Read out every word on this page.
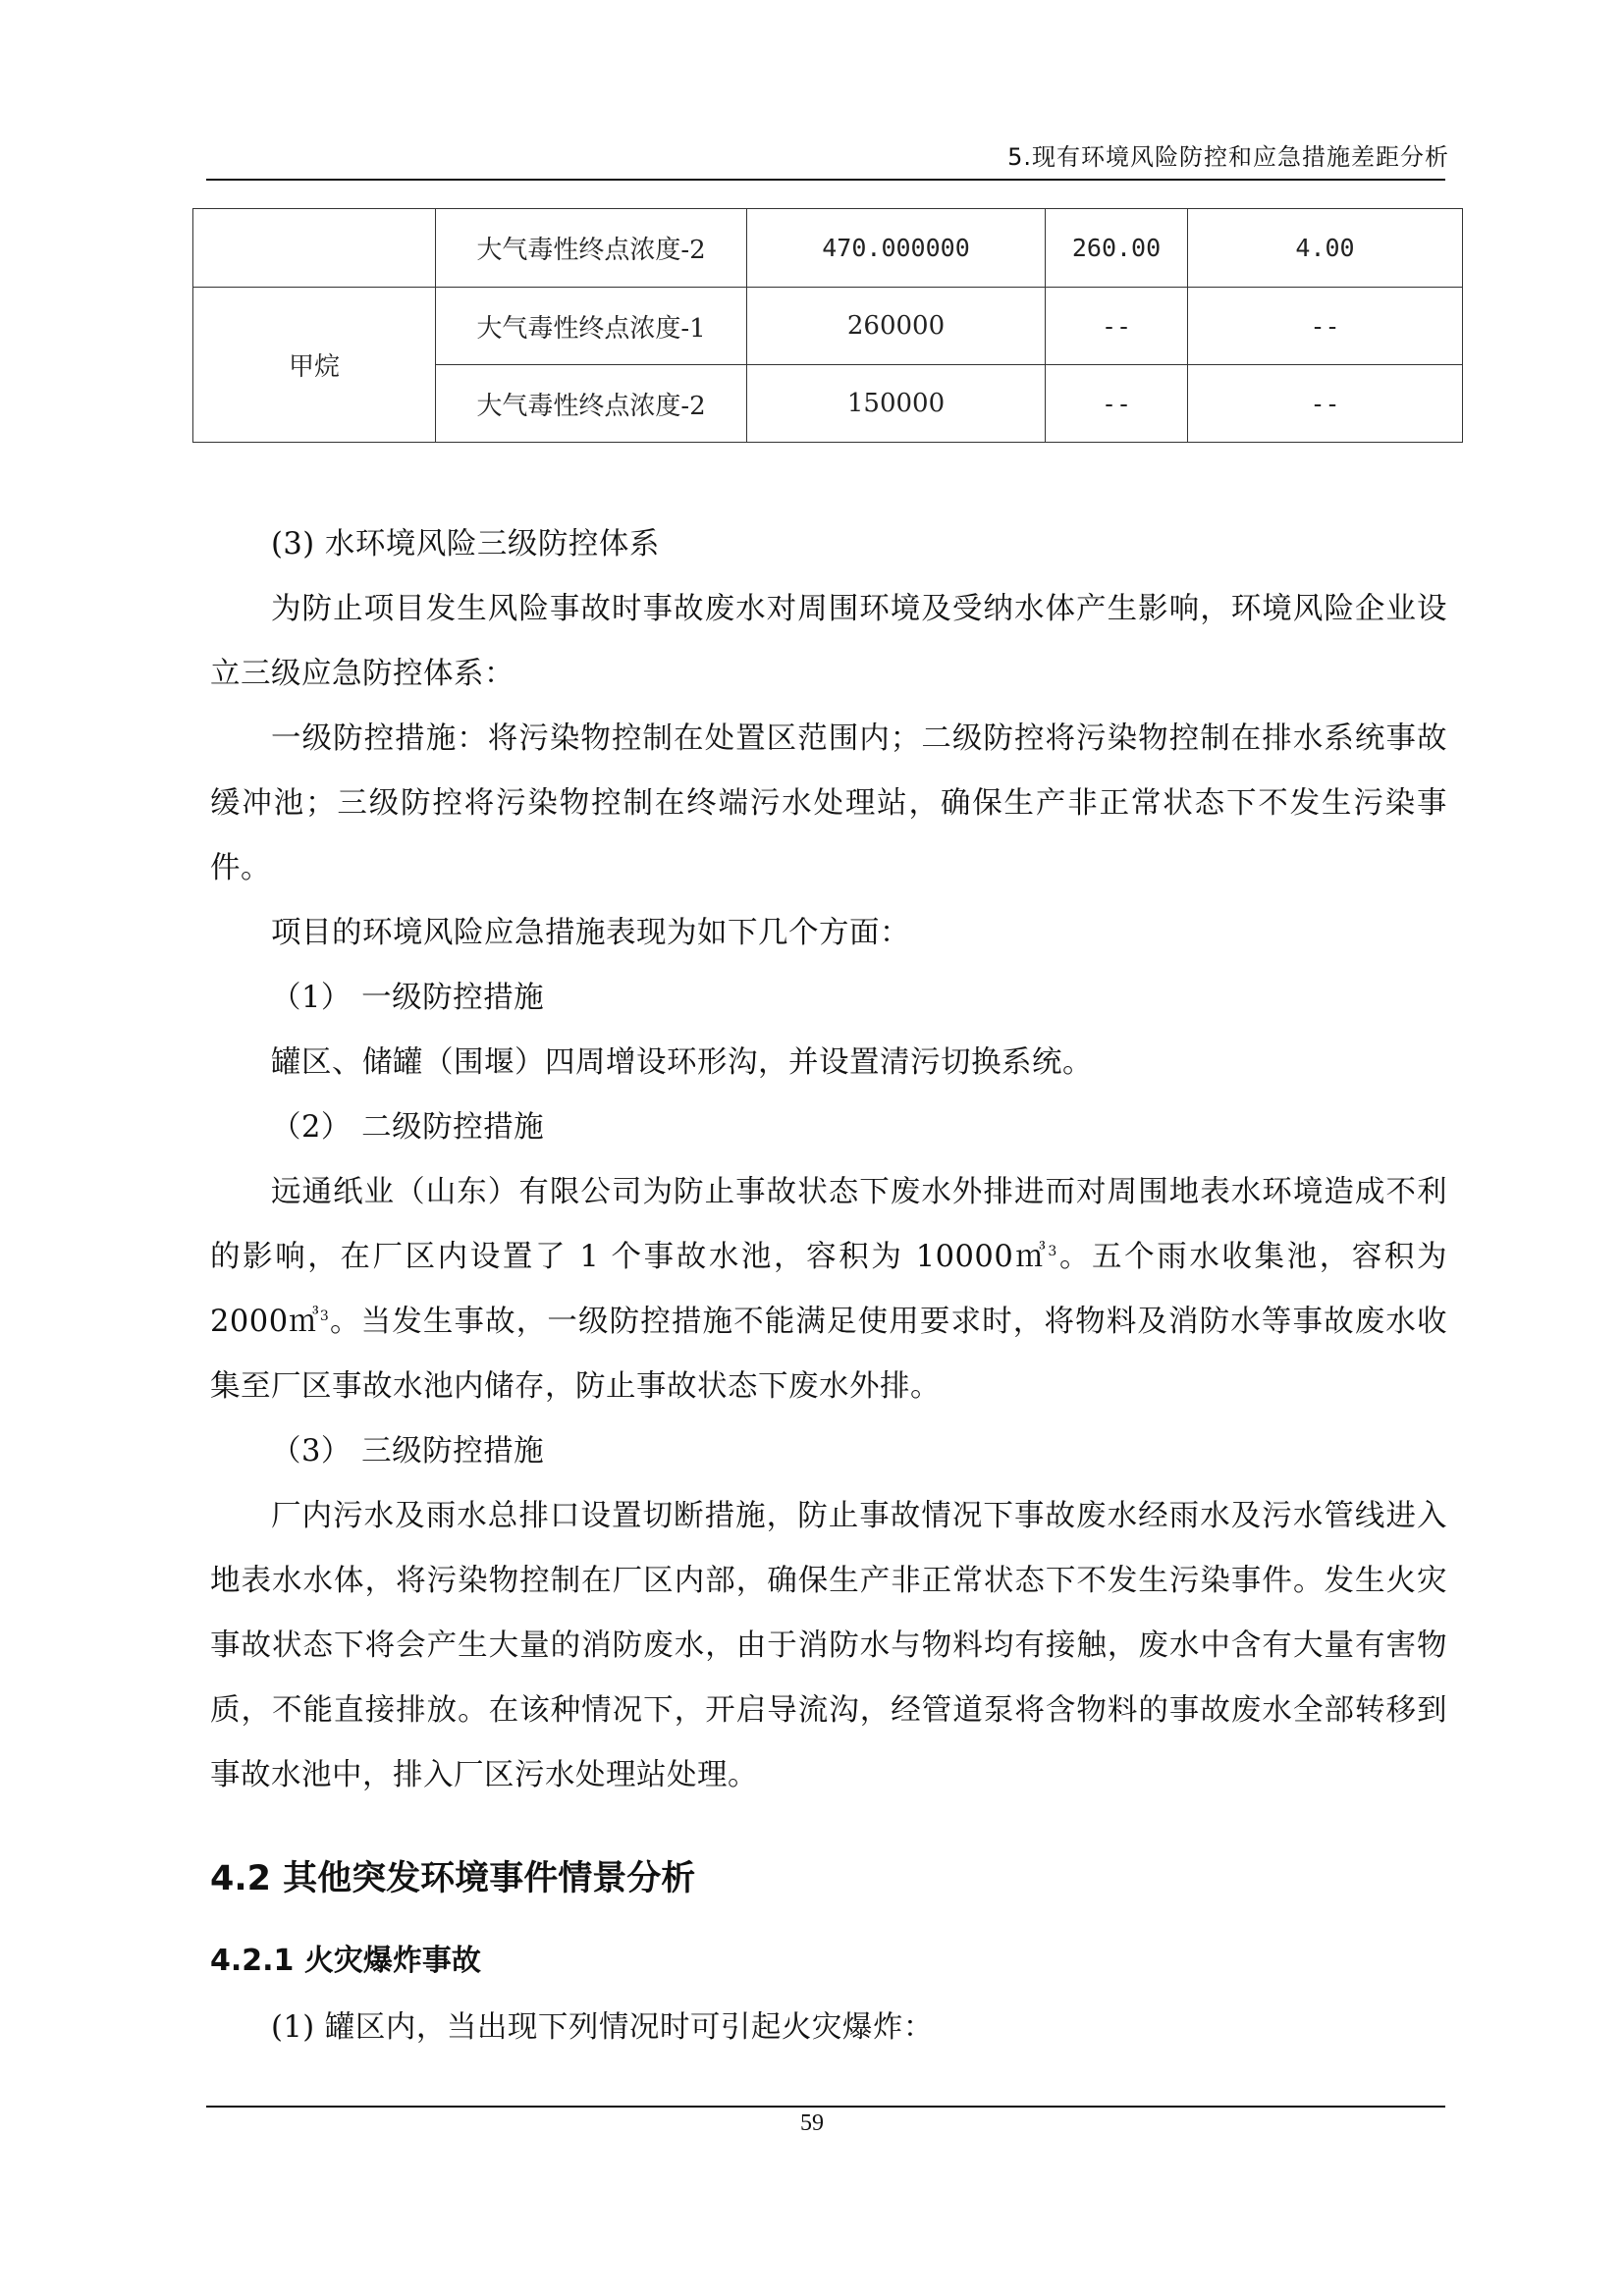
5.现有环境风险防控和应急措施差距分析
	大气毒性终点浓度-2	470.000000	260.00	4.00
甲烷	大气毒性终点浓度-1	260000	--	--
	大气毒性终点浓度-2	150000	--	--

(3) 水环境风险三级防控体系

为防止项目发生风险事故时事故废水对周围环境及受纳水体产生影响，环境风险企业设立三级应急防控体系：

一级防控措施：将污染物控制在处置区范围内；二级防控将污染物控制在排水系统事故缓冲池；三级防控将污染物控制在终端污水处理站，确保生产非正常状态下不发生污染事件。

项目的环境风险应急措施表现为如下几个方面：

（1） 一级防控措施

罐区、储罐（围堰）四周增设环形沟，并设置清污切换系统。

（2） 二级防控措施

远通纸业（山东）有限公司为防止事故状态下废水外排进而对周围地表水环境造成不利的影响，在厂区内设置了 1 个事故水池，容积为 10000㎥$^3$。五个雨水收集池，容积为 2000㎥$^3$。当发生事故，一级防控措施不能满足使用要求时，将物料及消防水等事故废水收集至厂区事故水池内储存，防止事故状态下废水外排。

（3） 三级防控措施

厂内污水及雨水总排口设置切断措施，防止事故情况下事故废水经雨水及污水管线进入地表水水体，将污染物控制在厂区内部，确保生产非正常状态下不发生污染事件。发生火灾事故状态下将会产生大量的消防废水，由于消防水与物料均有接触，废水中含有大量有害物质，不能直接排放。在该种情况下，开启导流沟，经管道泵将含物料的事故废水全部转移到事故水池中，排入厂区污水处理站处理。

4.2 其他突发环境事件情景分析
4.2.1 火灾爆炸事故
(1) 罐区内，当出现下列情况时可引起火灾爆炸：
59
